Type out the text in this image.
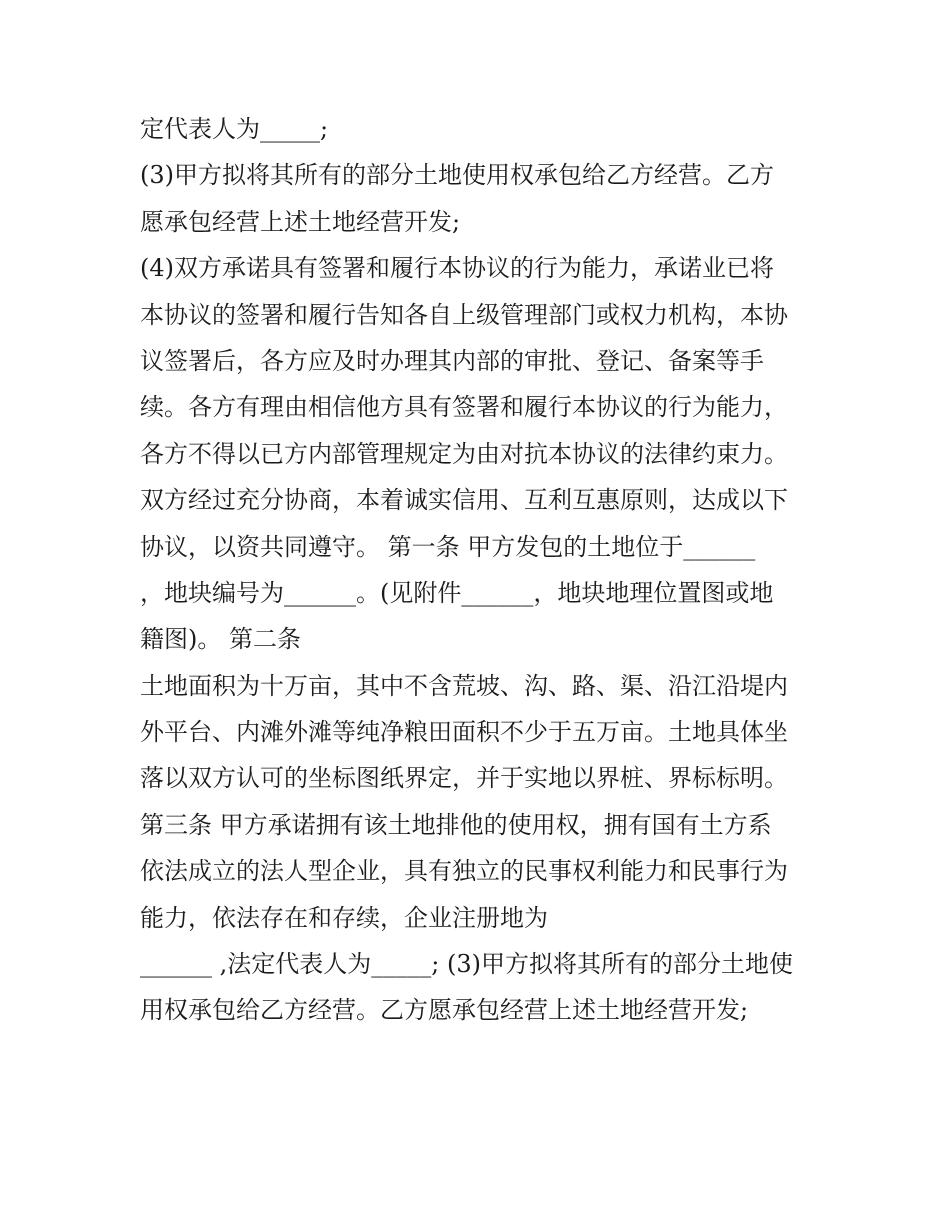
定代表人为_____;
(3)甲方拟将其所有的部分土地使用权承包给乙方经营。乙方
愿承包经营上述土地经营开发;
(4)双方承诺具有签署和履行本协议的行为能力，承诺业已将
本协议的签署和履行告知各自上级管理部门或权力机构，本协
议签署后，各方应及时办理其内部的审批、登记、备案等手
续。各方有理由相信他方具有签署和履行本协议的行为能力，
各方不得以已方内部管理规定为由对抗本协议的法律约束力。
双方经过充分协商，本着诚实信用、互利互惠原则，达成以下
协议，以资共同遵守。 第一条 甲方发包的土地位于______
，地块编号为______。(见附件______，地块地理位置图或地
籍图)。 第二条
土地面积为十万亩，其中不含荒坡、沟、路、渠、沿江沿堤内
外平台、内滩外滩等纯净粮田面积不少于五万亩。土地具体坐
落以双方认可的坐标图纸界定，并于实地以界桩、界标标明。
第三条 甲方承诺拥有该土地排他的使用权，拥有国有土方系
依法成立的法人型企业，具有独立的民事权利能力和民事行为
能力，依法存在和存续，企业注册地为
______ ,法定代表人为_____; (3)甲方拟将其所有的部分土地使
用权承包给乙方经营。乙方愿承包经营上述土地经营开发;
